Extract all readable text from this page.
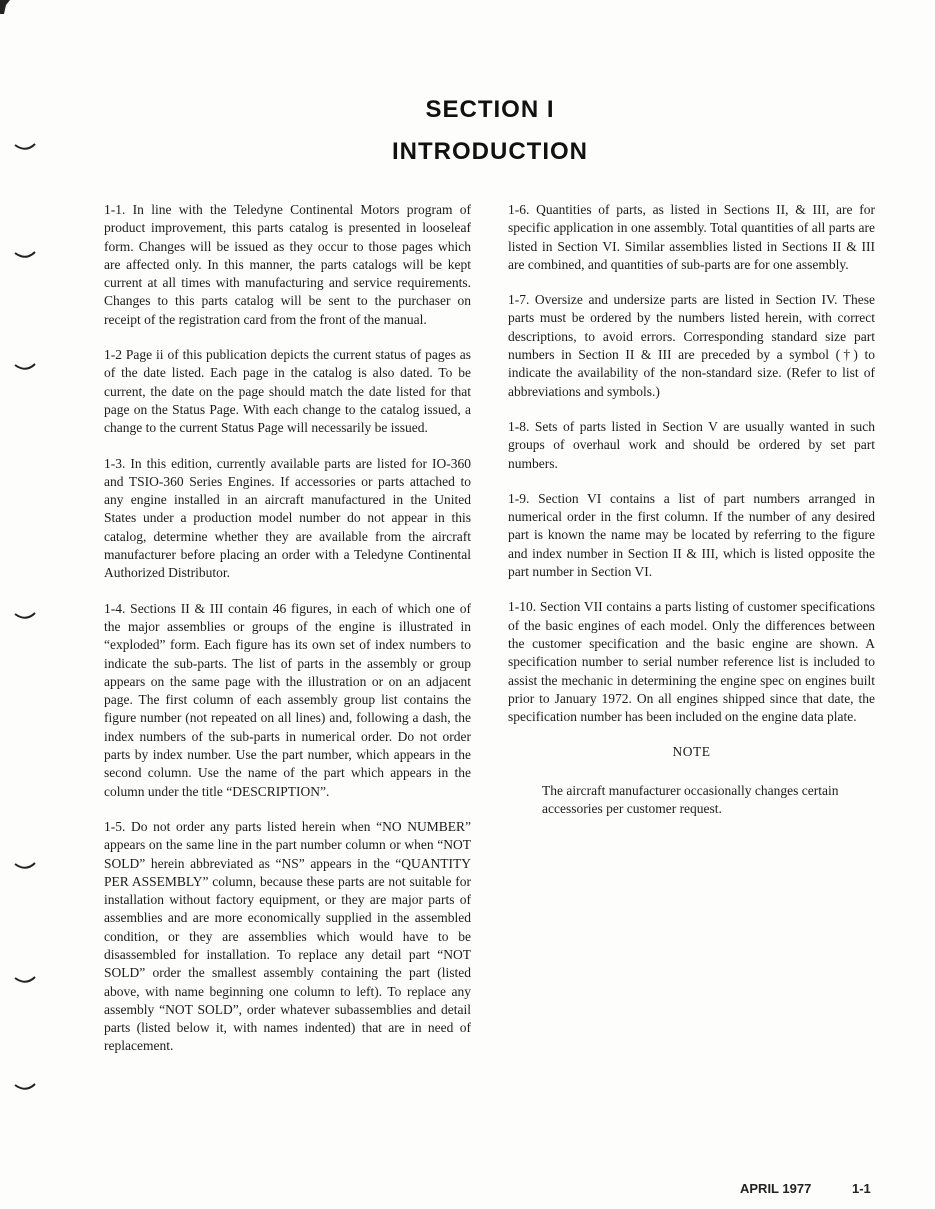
SECTION I
INTRODUCTION

1-1. In line with the Teledyne Continental Motors program of product improvement, this parts catalog is presented in looseleaf form. Changes will be issued as they occur to those pages which are affected only. In this manner, the parts catalogs will be kept current at all times with manufacturing and service requirements. Changes to this parts catalog will be sent to the purchaser on receipt of the registration card from the front of the manual.

1-2 Page ii of this publication depicts the current status of pages as of the date listed. Each page in the catalog is also dated. To be current, the date on the page should match the date listed for that page on the Status Page. With each change to the catalog issued, a change to the current Status Page will necessarily be issued.

1-3. In this edition, currently available parts are listed for IO-360 and TSIO-360 Series Engines. If accessories or parts attached to any engine installed in an aircraft manufactured in the United States under a production model number do not appear in this catalog, determine whether they are available from the aircraft manufacturer before placing an order with a Teledyne Continental Authorized Distributor.

1-4. Sections II & III contain 46 figures, in each of which one of the major assemblies or groups of the engine is illustrated in “exploded” form. Each figure has its own set of index numbers to indicate the sub-parts. The list of parts in the assembly or group appears on the same page with the illustration or on an adjacent page. The first column of each assembly group list contains the figure number (not repeated on all lines) and, following a dash, the index numbers of the sub-parts in numerical order. Do not order parts by index number. Use the part number, which appears in the second column. Use the name of the part which appears in the column under the title “DESCRIPTION”.

1-5. Do not order any parts listed herein when “NO NUMBER” appears on the same line in the part number column or when “NOT SOLD” herein abbreviated as “NS” appears in the “QUANTITY PER ASSEMBLY” column, because these parts are not suitable for installation without factory equipment, or they are major parts of assemblies and are more economically supplied in the assembled condition, or they are assemblies which would have to be disassembled for installation. To replace any detail part “NOT SOLD” order the smallest assembly containing the part (listed above, with name beginning one column to left). To replace any assembly “NOT SOLD”, order whatever subassemblies and detail parts (listed below it, with names indented) that are in need of replacement.

1-6. Quantities of parts, as listed in Sections II, & III, are for specific application in one assembly. Total quantities of all parts are listed in Section VI. Similar assemblies listed in Sections II & III are combined, and quantities of sub-parts are for one assembly.

1-7. Oversize and undersize parts are listed in Section IV. These parts must be ordered by the numbers listed herein, with correct descriptions, to avoid errors. Corresponding standard size part numbers in Section II & III are preceded by a symbol (†) to indicate the availability of the non-standard size. (Refer to list of abbreviations and symbols.)

1-8. Sets of parts listed in Section V are usually wanted in such groups of overhaul work and should be ordered by set part numbers.

1-9. Section VI contains a list of part numbers arranged in numerical order in the first column. If the number of any desired part is known the name may be located by referring to the figure and index number in Section II & III, which is listed opposite the part number in Section VI.

1-10. Section VII contains a parts listing of customer specifications of the basic engines of each model. Only the differences between the customer specification and the basic engine are shown. A specification number to serial number reference list is included to assist the mechanic in determining the engine spec on engines built prior to January 1972. On all engines shipped since that date, the specification number has been included on the engine data plate.

NOTE

The aircraft manufacturer occasionally changes certain accessories per customer request.

APRIL 1977	1-1
